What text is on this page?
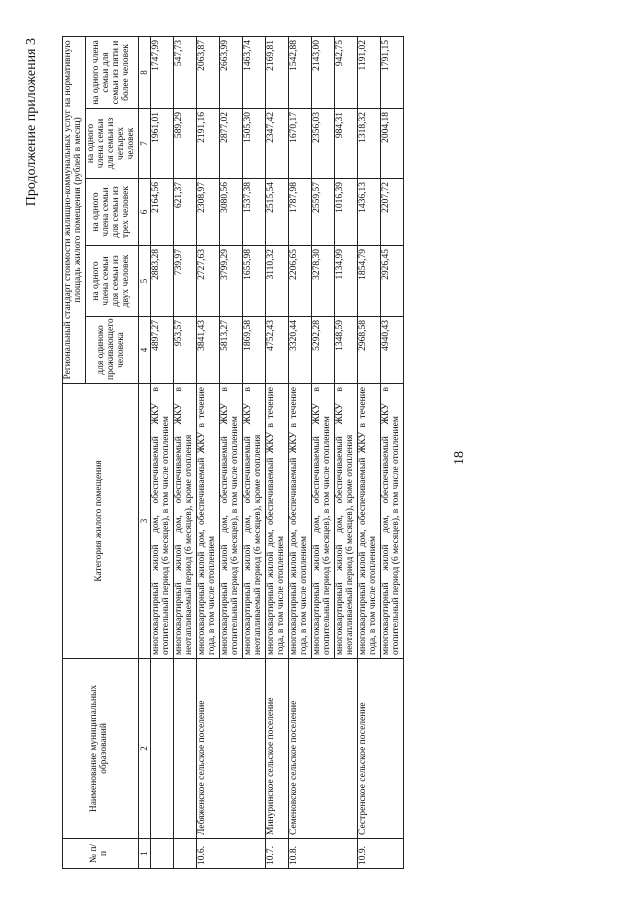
18
Продолжение приложения 3
№ п/п	Наименование муниципальных образований	Категория жилого помещения	Региональный стандарт стоимости жилищно-коммунальных услуг на нормативную площадь жилого помещения (рублей в месяц)				
			для одиноко проживающего человека	на одного члена семьи для семьи из двух человек	на одного члена семьи для семьи из трех человек	на одного члена семьи для семьи из четырех человек	на одного члена семьи для семьи из пяти и более человек
1	2	3	4	5	6	7	8
		многоквартирный жилой дом, обеспечиваемый ЖКУ в отопительный период (6 месяцев), в том числе отоплением	4897,27	2883,28	2164,56	1961,01	1747,99
		многоквартирный жилой дом, обеспечиваемый ЖКУ в неотапливаемый период (6 месяцев), кроме отопления	953,57	739,97	621,37	589,29	547,73
10.6.	Лебяженское сельское поселение	многоквартирный жилой дом, обеспечиваемый ЖКУ в течение года, в том числе отоплением	3841,43	2727,63	2308,97	2191,16	2063,87
		многоквартирный жилой дом, обеспечиваемый ЖКУ в отопительный период (6 месяцев), в том числе отоплением	5813,27	3799,29	3080,56	2877,02	2663,99
		многоквартирный жилой дом, обеспечиваемый ЖКУ в неотапливаемый период (6 месяцев), кроме отопления	1869,58	1655,98	1537,38	1505,30	1463,74
10.7.	Минуринское сельское поселение	многоквартирный жилой дом, обеспечиваемый ЖКУ в течение года, в том числе отоплением	4752,43	3110,32	2515,54	2347,42	2169,81
10.8.	Семеновское сельское поселение	многоквартирный жилой дом, обеспечиваемый ЖКУ в течение года, в том числе отоплением	3320,44	2206,65	1787,98	1670,17	1542,88
		многоквартирный жилой дом, обеспечиваемый ЖКУ в отопительный период (6 месяцев), в том числе отоплением	5292,28	3278,30	2559,57	2356,03	2143,00
		многоквартирный жилой дом, обеспечиваемый ЖКУ в неотапливаемый период (6 месяцев), кроме отопления	1348,59	1134,99	1016,39	984,31	942,75
10.9.	Сестренское сельское поселение	многоквартирный жилой дом, обеспечиваемый ЖКУ в течение года, в том числе отоплением	2968,58	1854,79	1436,13	1318,32	1191,02
		многоквартирный жилой дом, обеспечиваемый ЖКУ в отопительный период (6 месяцев), в том числе отоплением	4940,43	2926,45	2207,72	2004,18	1791,15
